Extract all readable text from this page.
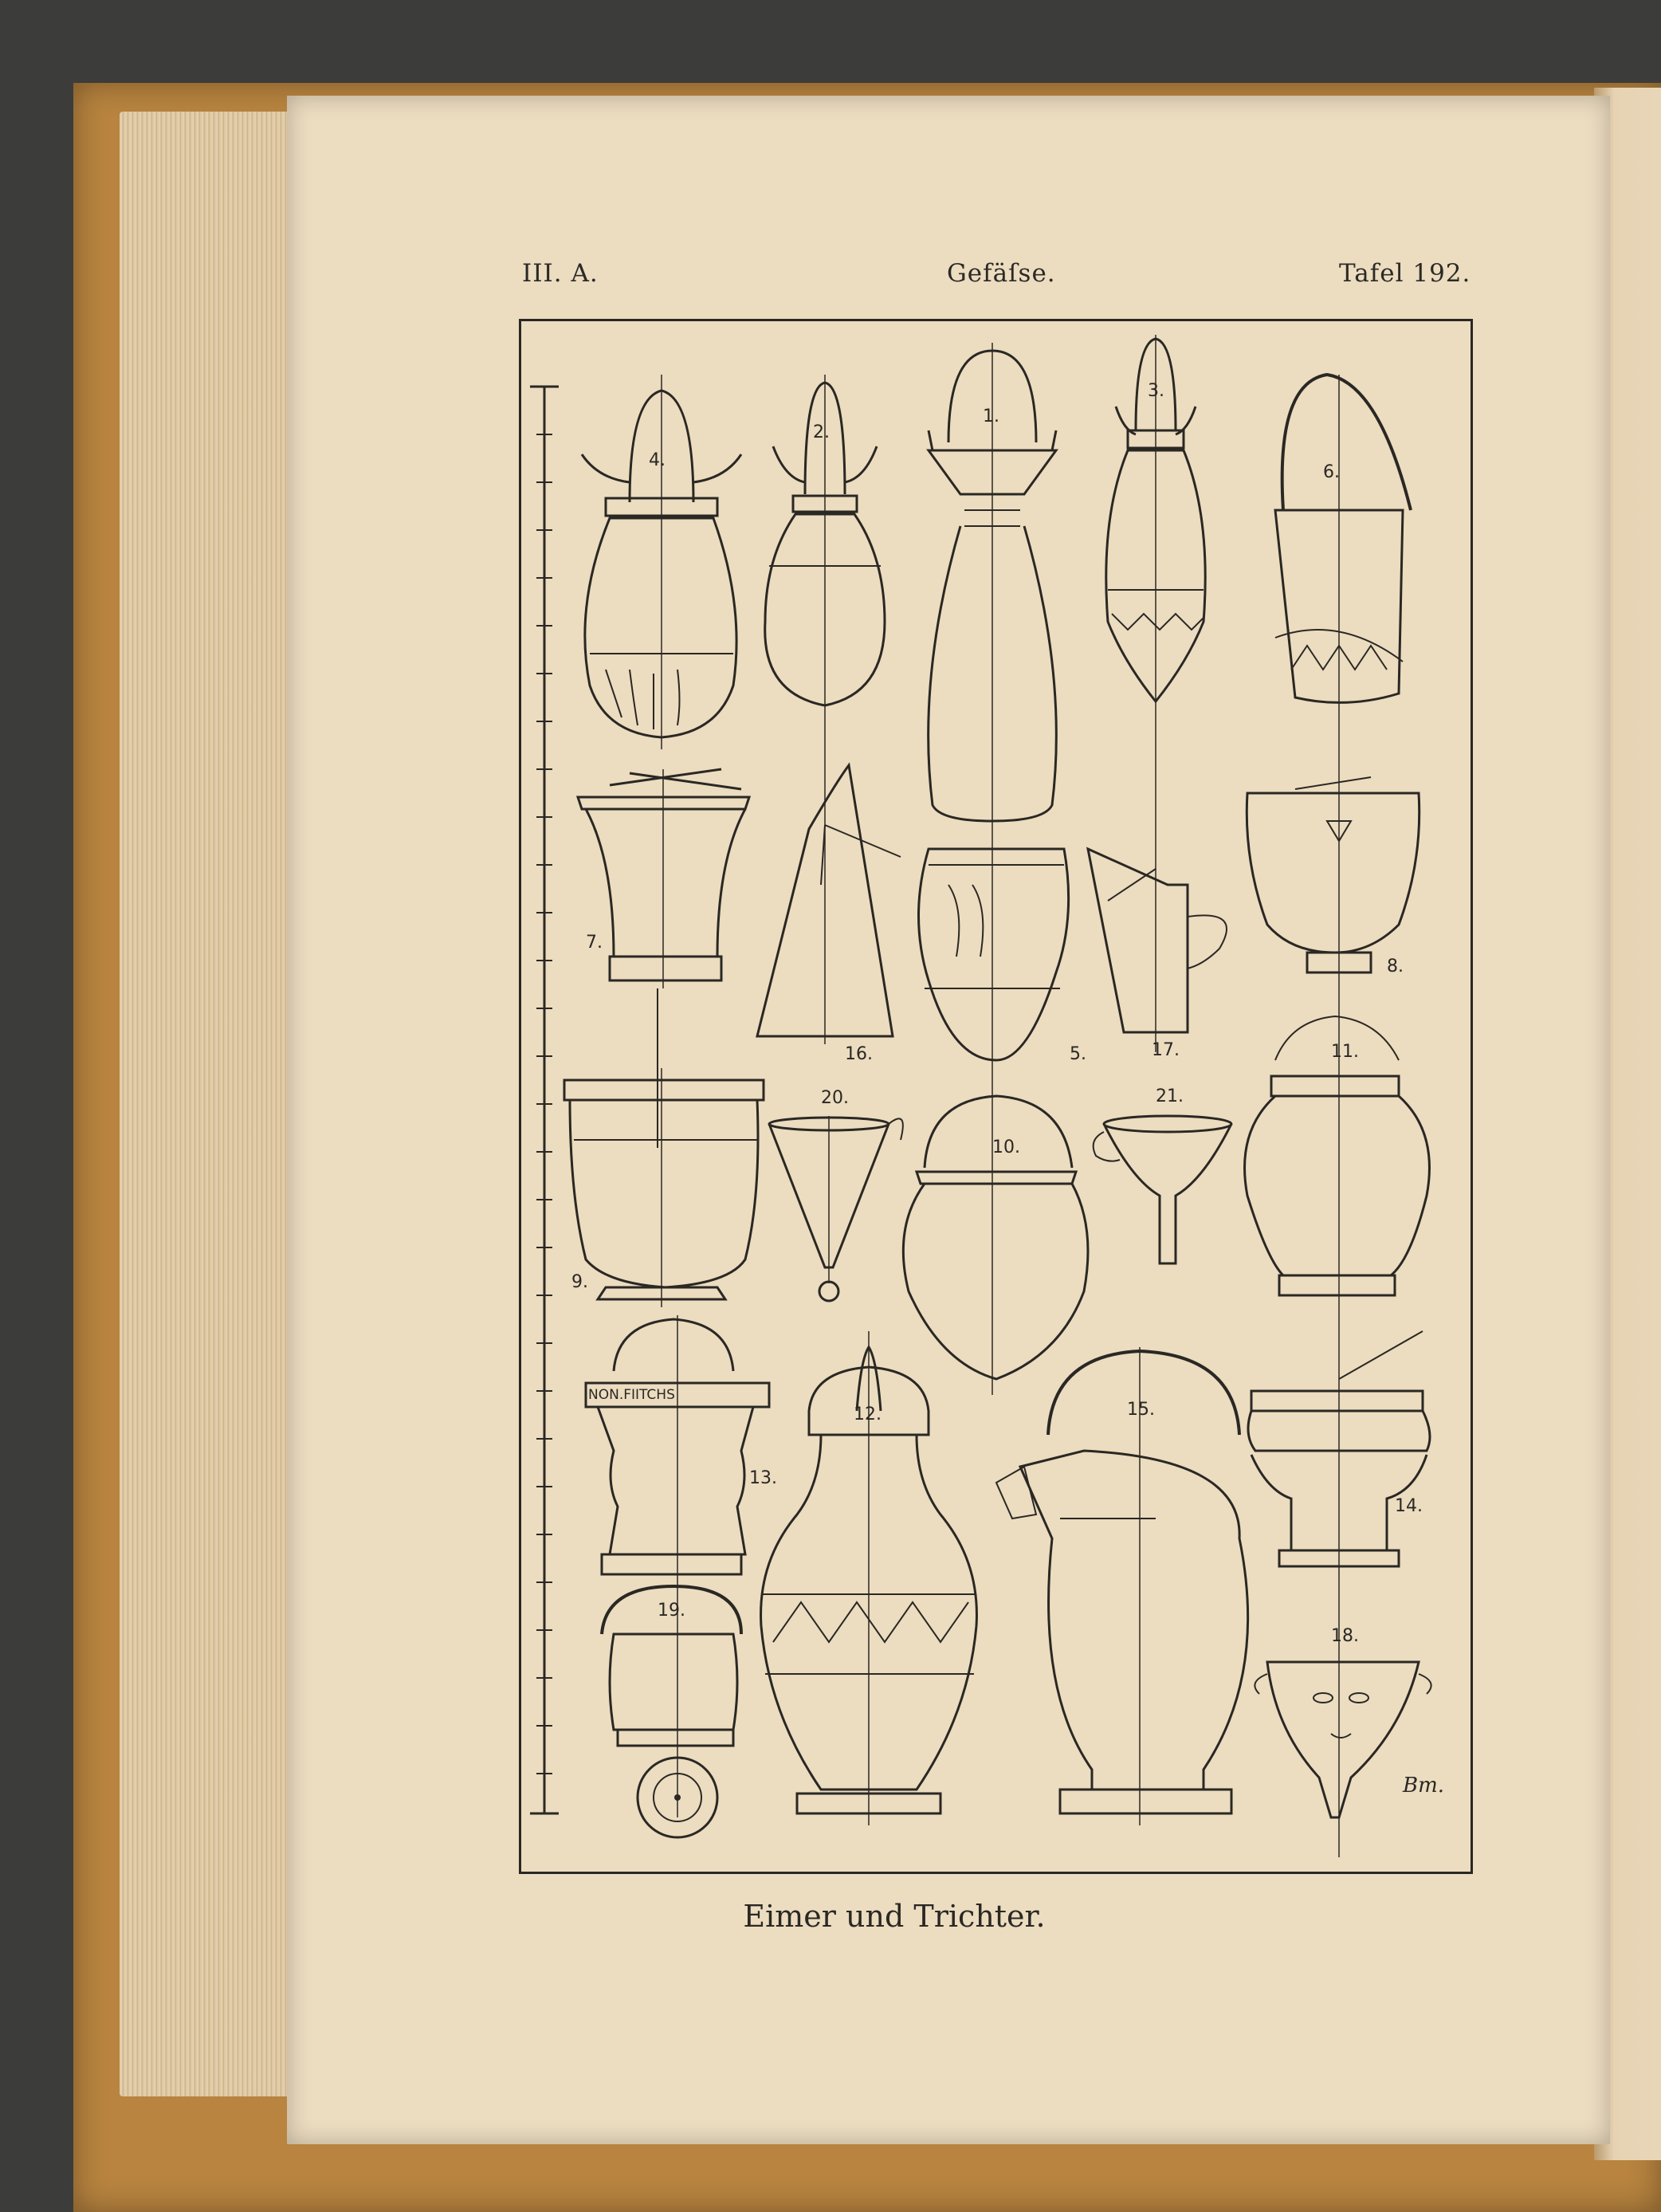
III. A.	Gefäſse.	Tafel 192.
4.
2.
1.
3.
6.
7.
8.
16.	5.	17.	11.
20.	21.
10.
9.
12.	15.
13.
14.
19.
18.
NON.FIITCHS
Bm.
Eimer und Trichter.
